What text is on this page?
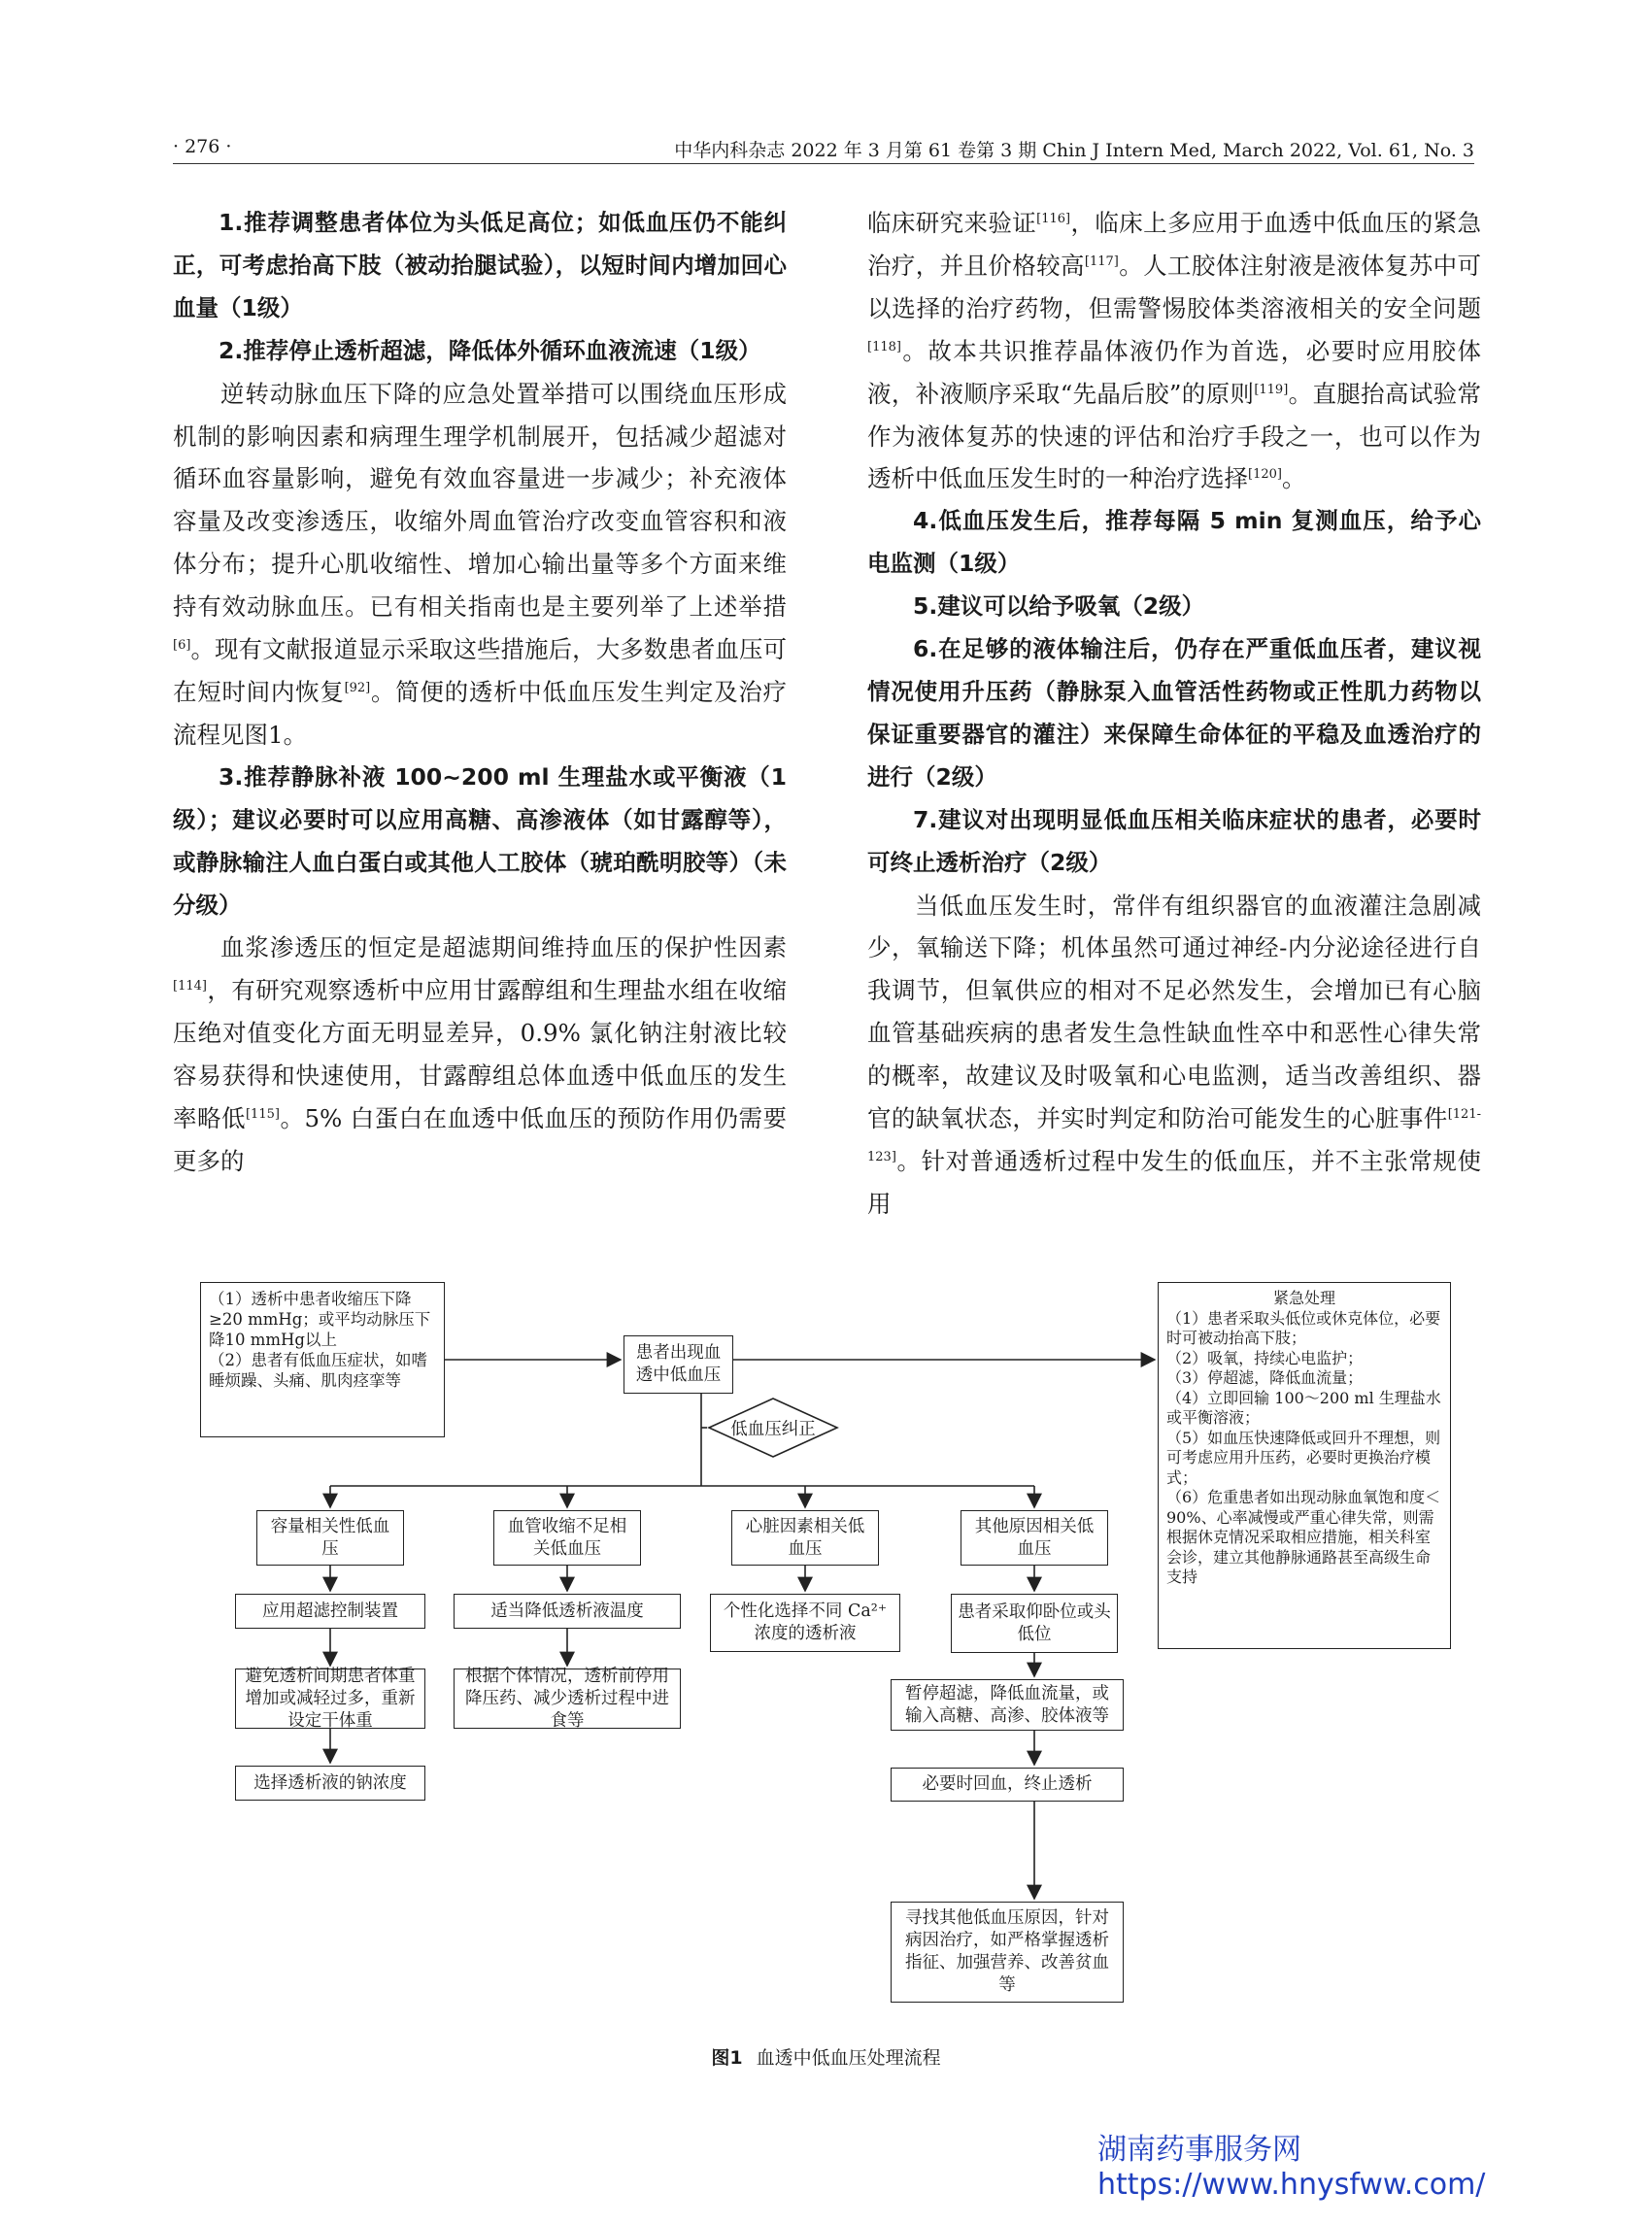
· 276 ·	中华内科杂志 2022 年 3 月第 61 卷第 3 期 Chin J Intern Med, March 2022, Vol. 61, No. 3

1.推荐调整患者体位为头低足高位；如低血压仍不能纠正，可考虑抬高下肢（被动抬腿试验），以短时间内增加回心血量（1级）

2.推荐停止透析超滤，降低体外循环血液流速（1级）

逆转动脉血压下降的应急处置举措可以围绕血压形成机制的影响因素和病理生理学机制展开，包括减少超滤对循环血容量影响，避免有效血容量进一步减少；补充液体容量及改变渗透压，收缩外周血管治疗改变血管容积和液体分布；提升心肌收缩性、增加心输出量等多个方面来维持有效动脉血压。已有相关指南也是主要列举了上述举措[6]。现有文献报道显示采取这些措施后，大多数患者血压可在短时间内恢复[92]。简便的透析中低血压发生判定及治疗流程见图1。

3.推荐静脉补液 100~200 ml 生理盐水或平衡液（1级）；建议必要时可以应用高糖、高渗液体（如甘露醇等），或静脉输注人血白蛋白或其他人工胶体（琥珀酰明胶等）（未分级）

血浆渗透压的恒定是超滤期间维持血压的保护性因素[114]，有研究观察透析中应用甘露醇组和生理盐水组在收缩压绝对值变化方面无明显差异，0.9% 氯化钠注射液比较容易获得和快速使用，甘露醇组总体血透中低血压的发生率略低[115]。5% 白蛋白在血透中低血压的预防作用仍需要更多的

临床研究来验证[116]，临床上多应用于血透中低血压的紧急治疗，并且价格较高[117]。人工胶体注射液是液体复苏中可以选择的治疗药物，但需警惕胶体类溶液相关的安全问题[118]。故本共识推荐晶体液仍作为首选，必要时应用胶体液，补液顺序采取“先晶后胶”的原则[119]。直腿抬高试验常作为液体复苏的快速的评估和治疗手段之一，也可以作为透析中低血压发生时的一种治疗选择[120]。

4.低血压发生后，推荐每隔 5 min 复测血压，给予心电监测（1级）

5.建议可以给予吸氧（2级）

6.在足够的液体输注后，仍存在严重低血压者，建议视情况使用升压药（静脉泵入血管活性药物或正性肌力药物以保证重要器官的灌注）来保障生命体征的平稳及血透治疗的进行（2级）

7.建议对出现明显低血压相关临床症状的患者，必要时可终止透析治疗（2级）

当低血压发生时，常伴有组织器官的血液灌注急剧减少，氧输送下降；机体虽然可通过神经-内分泌途径进行自我调节，但氧供应的相对不足必然发生，会增加已有心脑血管基础疾病的患者发生急性缺血性卒中和恶性心律失常的概率，故建议及时吸氧和心电监测，适当改善组织、器官的缺氧状态，并实时判定和防治可能发生的心脏事件[121-123]。针对普通透析过程中发生的低血压，并不主张常规使用

（1）透析中患者收缩压下降 ≥20 mmHg；或平均动脉压下降10 mmHg以上
（2）患者有低血压症状，如嗜睡烦躁、头痛、肌肉痉挛等
患者出现血透中低血压
低血压纠正
紧急处理
（1）患者采取头低位或休克体位，必要时可被动抬高下肢；
（2）吸氧，持续心电监护；
（3）停超滤，降低血流量；
（4）立即回输 100～200 ml 生理盐水或平衡溶液；
（5）如血压快速降低或回升不理想，则可考虑应用升压药，必要时更换治疗模式；
（6）危重患者如出现动脉血氧饱和度＜90%、心率减慢或严重心律失常，则需根据休克情况采取相应措施，相关科室会诊，建立其他静脉通路甚至高级生命支持
容量相关性低血压
应用超滤控制装置
避免透析间期患者体重增加或减轻过多，重新设定干体重
选择透析液的钠浓度
血管收缩不足相关低血压
适当降低透析液温度
根据个体情况，透析前停用降压药、减少透析过程中进食等
心脏因素相关低血压
个性化选择不同 Ca²⁺ 浓度的透析液
其他原因相关低血压
患者采取仰卧位或头低位
暂停超滤，降低血流量，或输入高糖、高渗、胶体液等
必要时回血，终止透析
寻找其他低血压原因，针对病因治疗，如严格掌握透析指征、加强营养、改善贫血等
图1 血透中低血压处理流程
湖南药事服务网
https://www.hnysfww.com/
